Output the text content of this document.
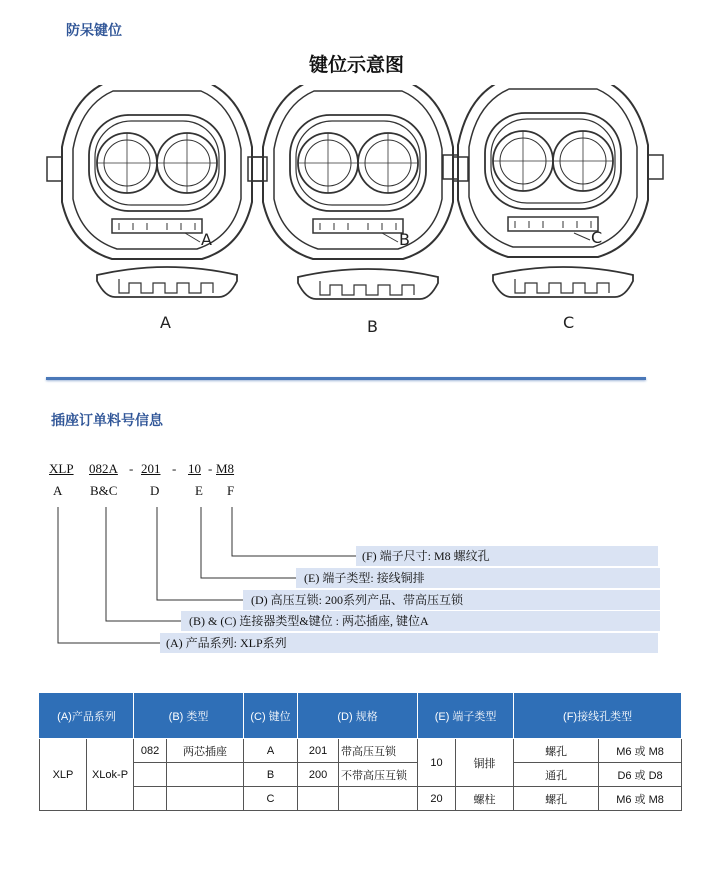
防呆键位
键位示意图
A
A
B
B
C
C
插座订单料号信息
XLP 082A - 201 - 10 - M8
A B&C	D	E F
(F) 端子尺寸: M8 螺纹孔
(E) 端子类型: 接线铜排
(D) 高压互锁: 200系列产品、带高压互锁
(B) & (C) 连接器类型&键位 : 两芯插座, 键位A
(A) 产品系列: XLP系列
(A)产品系列		(B) 类型		(C) 键位	(D) 规格		(E) 端子类型		(F)接线孔类型	
XLP	XLok-P	082	两芯插座	A	201	带高压互锁	10	铜排	螺孔	M6 或 M8
				B	200	不带高压互锁			通孔	D6 或 D8
				C			20	螺柱	螺孔	M6 或 M8
